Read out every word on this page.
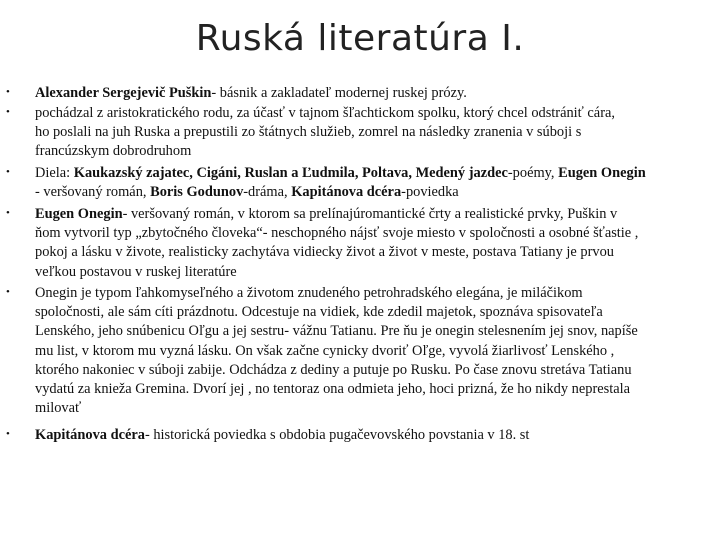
Ruská literatúra I.
• Alexander Sergejevič Puškin- básnik a zakladateľ modernej ruskej prózy.
• pochádzal z aristokratického rodu, za účasť v tajnom šľachtickom spolku, ktorý chcel odstrániť cára,
ho poslali na juh Ruska a prepustili zo štátnych služieb, zomrel na následky zranenia v súboji s
francúzskym dobrodruhom
• Diela: Kaukazský zajatec, Cigáni, Ruslan a Ľudmila, Poltava, Medený jazdec-poémy, Eugen Onegin
- veršovaný román, Boris Godunov-dráma, Kapitánova dcéra-poviedka
• Eugen Onegin- veršovaný román, v ktorom sa prelínajúromantické črty a realistické prvky, Puškin v
ňom vytvoril typ „zbytočného človeka“- neschopného nájsť svoje miesto v spoločnosti a osobné šťastie ,
pokoj a lásku v živote, realisticky zachytáva vidiecky život a život v meste, postava Tatiany je prvou
veľkou postavou v ruskej literatúre
• Onegin je typom ľahkomyseľného a životom znudeného petrohradského elegána, je miláčikom
spoločnosti, ale sám cíti prázdnotu. Odcestuje na vidiek, kde zdedil majetok, spoznáva spisovateľa
Lenského, jeho snúbenicu Oľgu a jej sestru- vážnu Tatianu. Pre ňu je onegin stelesnením jej snov, napíše
mu list, v ktorom mu vyzná lásku. On však začne cynicky dvoriť Oľge, vyvolá žiarlivosť Lenského ,
ktorého nakoniec v súboji zabije. Odchádza z dediny a putuje po Rusku. Po čase znovu stretáva Tatianu
vydatú za knieža Gremina. Dvorí jej , no tentoraz ona odmieta jeho, hoci prizná, že ho nikdy neprestala
milovať
• Kapitánova dcéra- historická poviedka s obdobia pugačevovského povstania v 18. st
